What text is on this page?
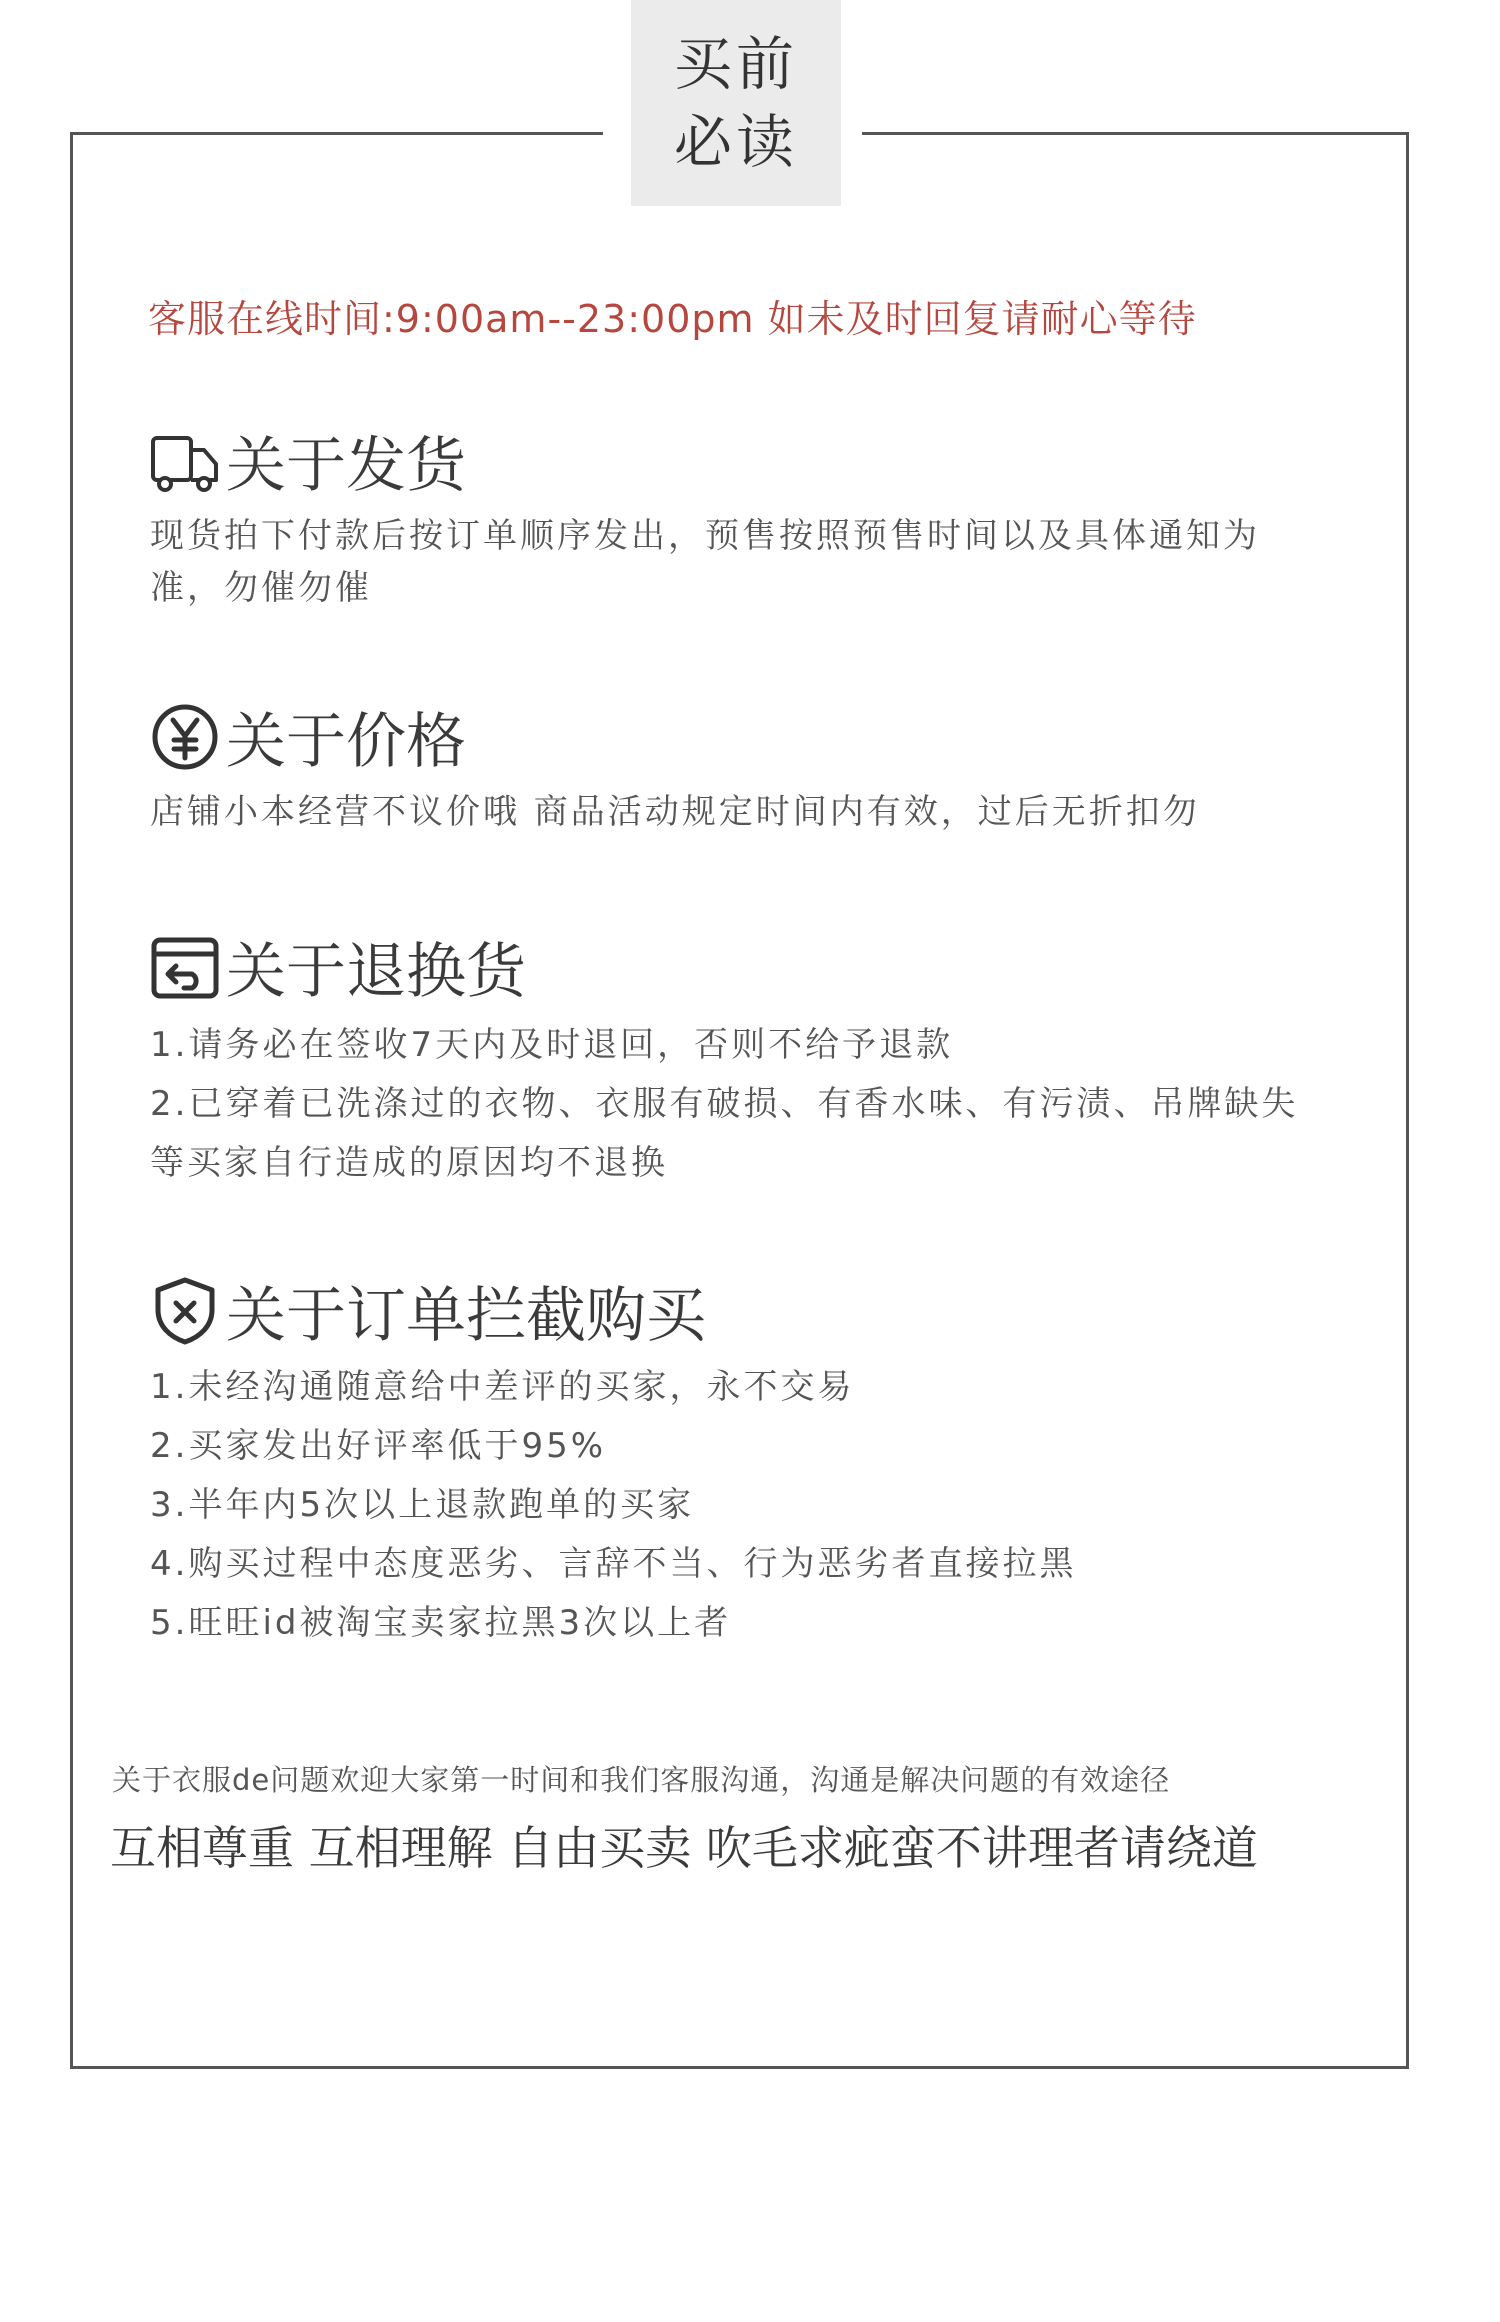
买前
必读
客服在线时间:9:00am--23:00pm 如未及时回复请耐心等待
关于发货

现货拍下付款后按订单顺序发出，预售按照预售时间以及具体通知为准，勿催勿催

关于价格

店铺小本经营不议价哦 商品活动规定时间内有效，过后无折扣勿

关于退换货

1.请务必在签收7天内及时退回，否则不给予退款

2.已穿着已洗涤过的衣物、衣服有破损、有香水味、有污渍、吊牌缺失等买家自行造成的原因均不退换

关于订单拦截购买

1.未经沟通随意给中差评的买家，永不交易

2.买家发出好评率低于95%

3.半年内5次以上退款跑单的买家

4.购买过程中态度恶劣、言辞不当、行为恶劣者直接拉黑

5.旺旺id被淘宝卖家拉黑3次以上者

关于衣服de问题欢迎大家第一时间和我们客服沟通，沟通是解决问题的有效途径
互相尊重 互相理解 自由买卖 吹毛求疵蛮不讲理者请绕道
